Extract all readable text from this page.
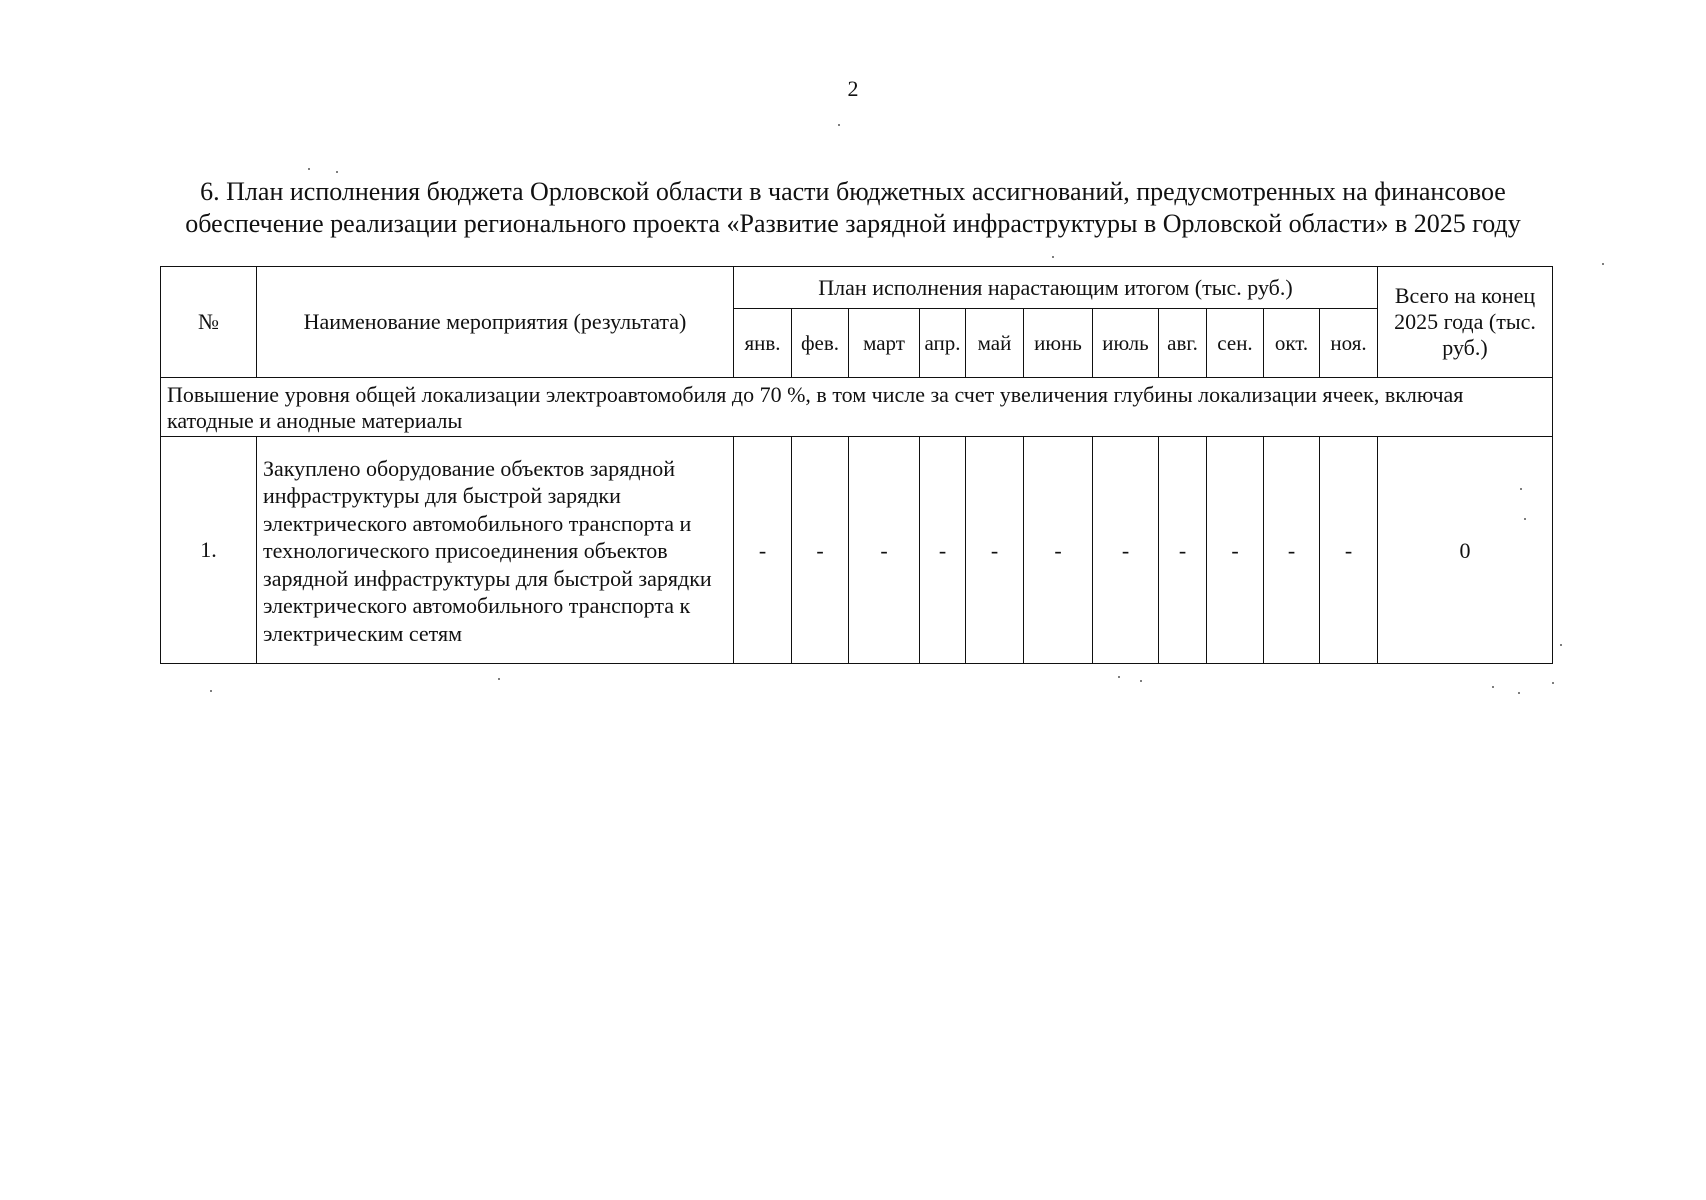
2
6. План исполнения бюджета Орловской области в части бюджетных ассигнований, предусмотренных на финансовое
обеспечение реализации регионального проекта «Развитие зарядной инфраструктуры в Орловской области» в 2025 году
№	Наименование мероприятия (результата)	План исполнения нарастающим итогом (тыс. руб.)											Всего на конец 2025 года (тыс. руб.)
		янв.	фев.	март	апр.	май	июнь	июль	авг.	сен.	окт.	ноя.	
Повышение уровня общей локализации электроавтомобиля до 70 %, в том числе за счет увеличения глубины локализации ячеек, включая катодные и анодные материалы													
1.	Закуплено оборудование объектов зарядной инфраструктуры для быстрой зарядки электрического автомобильного транспорта и технологического присоединения объектов зарядной инфраструктуры для быстрой зарядки электрического автомобильного транспорта к электрическим сетям	-	-	-	-	-	-	-	-	-	-	-	0
